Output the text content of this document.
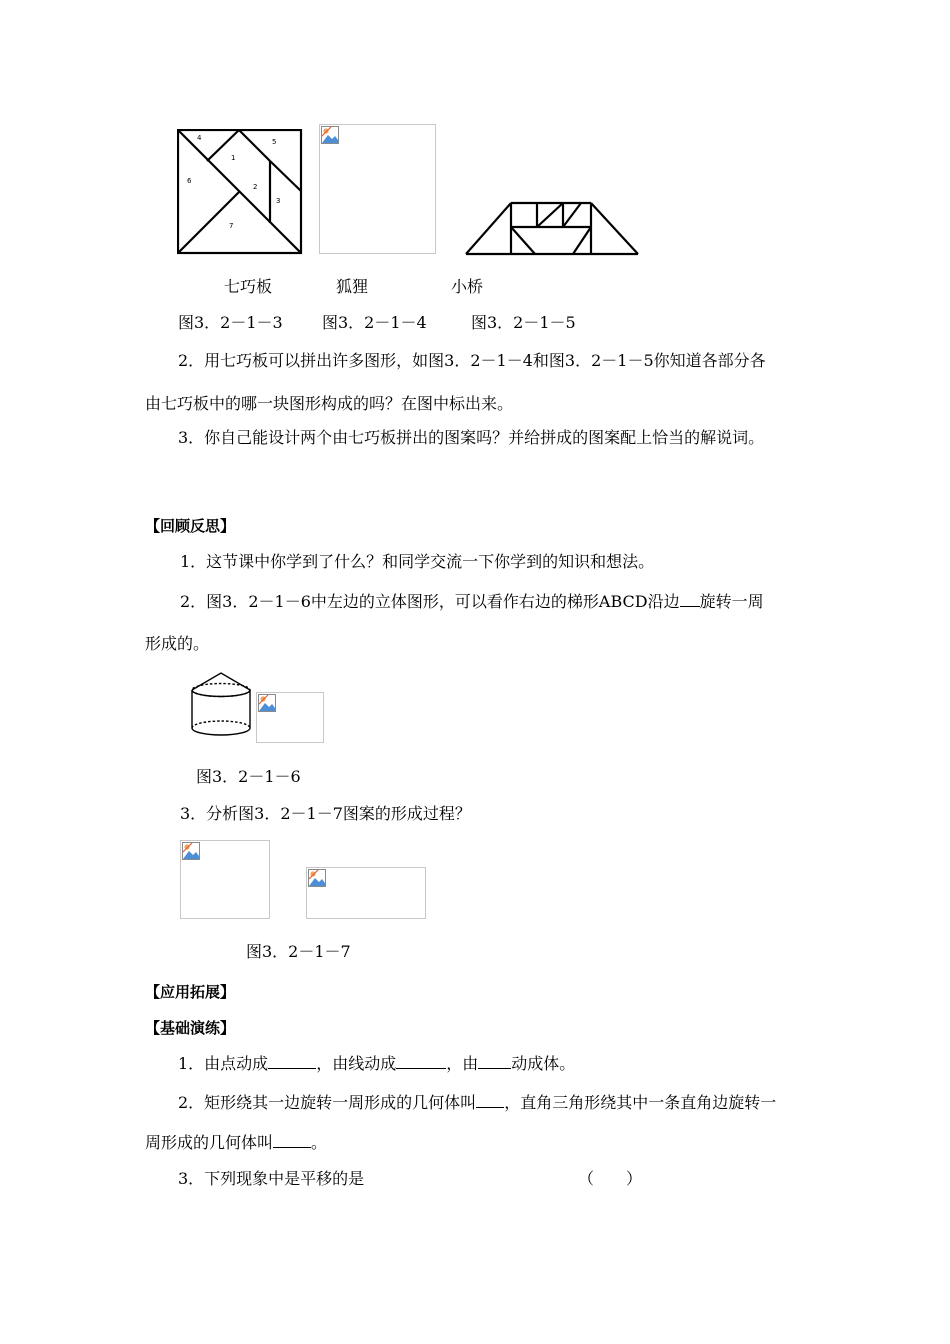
4	5
1
6
2
3
7
七巧板	狐狸	小桥
图3．2－1－3 图3．2－1－4	图3．2－1－5
2．用七巧板可以拼出许多图形，如图3．2－1－4和图3．2－1－5你知道各部分各
由七巧板中的哪一块图形构成的吗？在图中标出来。
3．你自己能设计两个由七巧板拼出的图案吗？并给拼成的图案配上恰当的解说词。
【回顾反思】
1．这节课中你学到了什么？和同学交流一下你学到的知识和想法。
2．图3．2－1－6中左边的立体图形，可以看作右边的梯形ABCD沿边 旋转一周
形成的。
图3．2－1－6
3．分析图3．2－1－7图案的形成过程？
图3．2－1－7
【应用拓展】
【基础演练】
1．由点动成	，由线动成	，由 动成体。
2．矩形绕其一边旋转一周形成的几何体叫 ，直角三角形绕其中一条直角边旋转一
周形成的几何体叫 。
3．下列现象中是平移的是	（　　）
